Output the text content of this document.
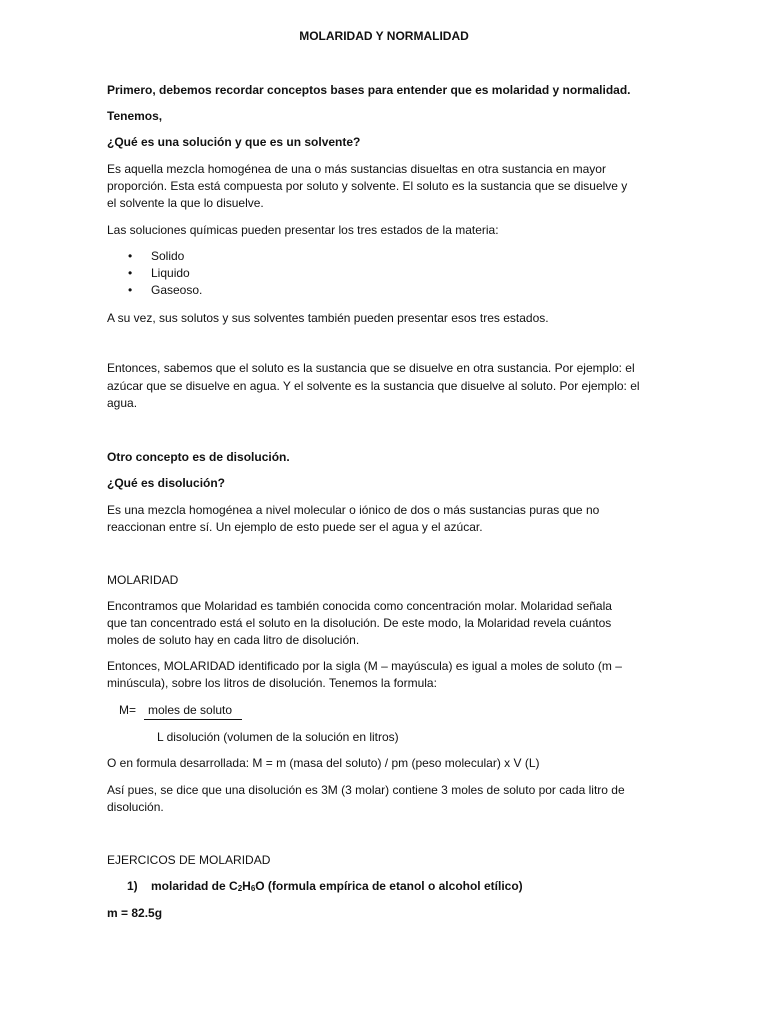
MOLARIDAD Y NORMALIDAD
Primero, debemos recordar conceptos bases para entender que es molaridad y normalidad.
Tenemos,
¿Qué es una solución y que es un solvente?
Es aquella mezcla homogénea de una o más sustancias disueltas en otra sustancia en mayor
proporción. Esta está compuesta por soluto y solvente. El soluto es la sustancia que se disuelve y
el solvente la que lo disuelve.
Las soluciones químicas pueden presentar los tres estados de la materia:
• Solido
• Liquido
• Gaseoso.
A su vez, sus solutos y sus solventes también pueden presentar esos tres estados.
Entonces, sabemos que el soluto es la sustancia que se disuelve en otra sustancia. Por ejemplo: el
azúcar que se disuelve en agua. Y el solvente es la sustancia que disuelve al soluto. Por ejemplo: el
agua.
Otro concepto es de disolución.
¿Qué es disolución?
Es una mezcla homogénea a nivel molecular o iónico de dos o más sustancias puras que no
reaccionan entre sí. Un ejemplo de esto puede ser el agua y el azúcar.
MOLARIDAD
Encontramos que Molaridad es también conocida como concentración molar. Molaridad señala
que tan concentrado está el soluto en la disolución. De este modo, la Molaridad revela cuántos
moles de soluto hay en cada litro de disolución.
Entonces, MOLARIDAD identificado por la sigla (M – mayúscula) es igual a moles de soluto (m –
minúscula), sobre los litros de disolución. Tenemos la formula:
M= moles de soluto
L disolución (volumen de la solución en litros)
O en formula desarrollada: M = m (masa del soluto) / pm (peso molecular) x V (L)
Así pues, se dice que una disolución es 3M (3 molar) contiene 3 moles de soluto por cada litro de
disolución.
EJERCICOS DE MOLARIDAD
1) molaridad de $C_2H_6O$ (formula empírica de etanol o alcohol etílico)
m = 82.5g
